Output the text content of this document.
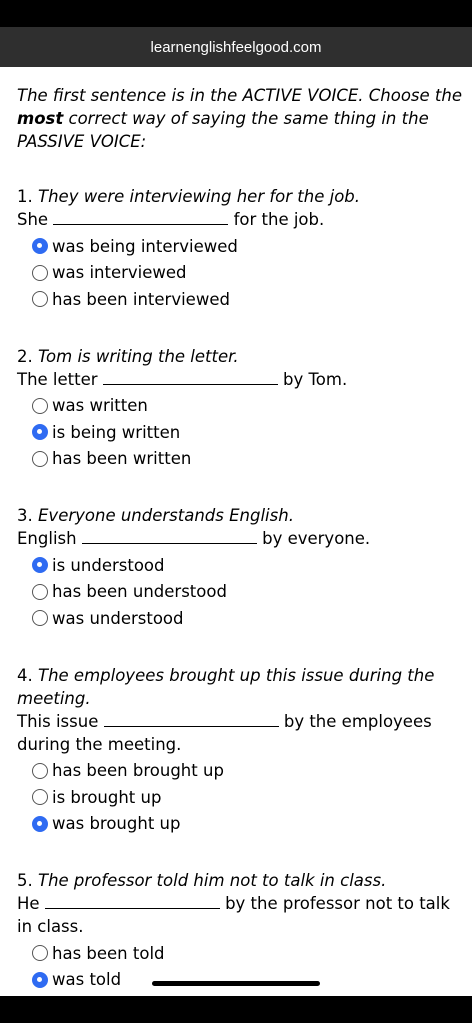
learnenglishfeelgood.com

The first sentence is in the ACTIVE VOICE. Choose the most correct way of saying the same thing in the PASSIVE VOICE:

1. They were interviewing her for the job.
She	for the job.
was being interviewed
was interviewed
has been interviewed
2. Tom is writing the letter.
The letter	by Tom.
was written
is being written
has been written
3. Everyone understands English.
English	by everyone.
is understood
has been understood
was understood
4. The employees brought up this issue during the meeting.
This issue	by the employees during the meeting.
has been brought up
is brought up
was brought up
5. The professor told him not to talk in class.
He	by the professor not to talk in class.
has been told
was told
